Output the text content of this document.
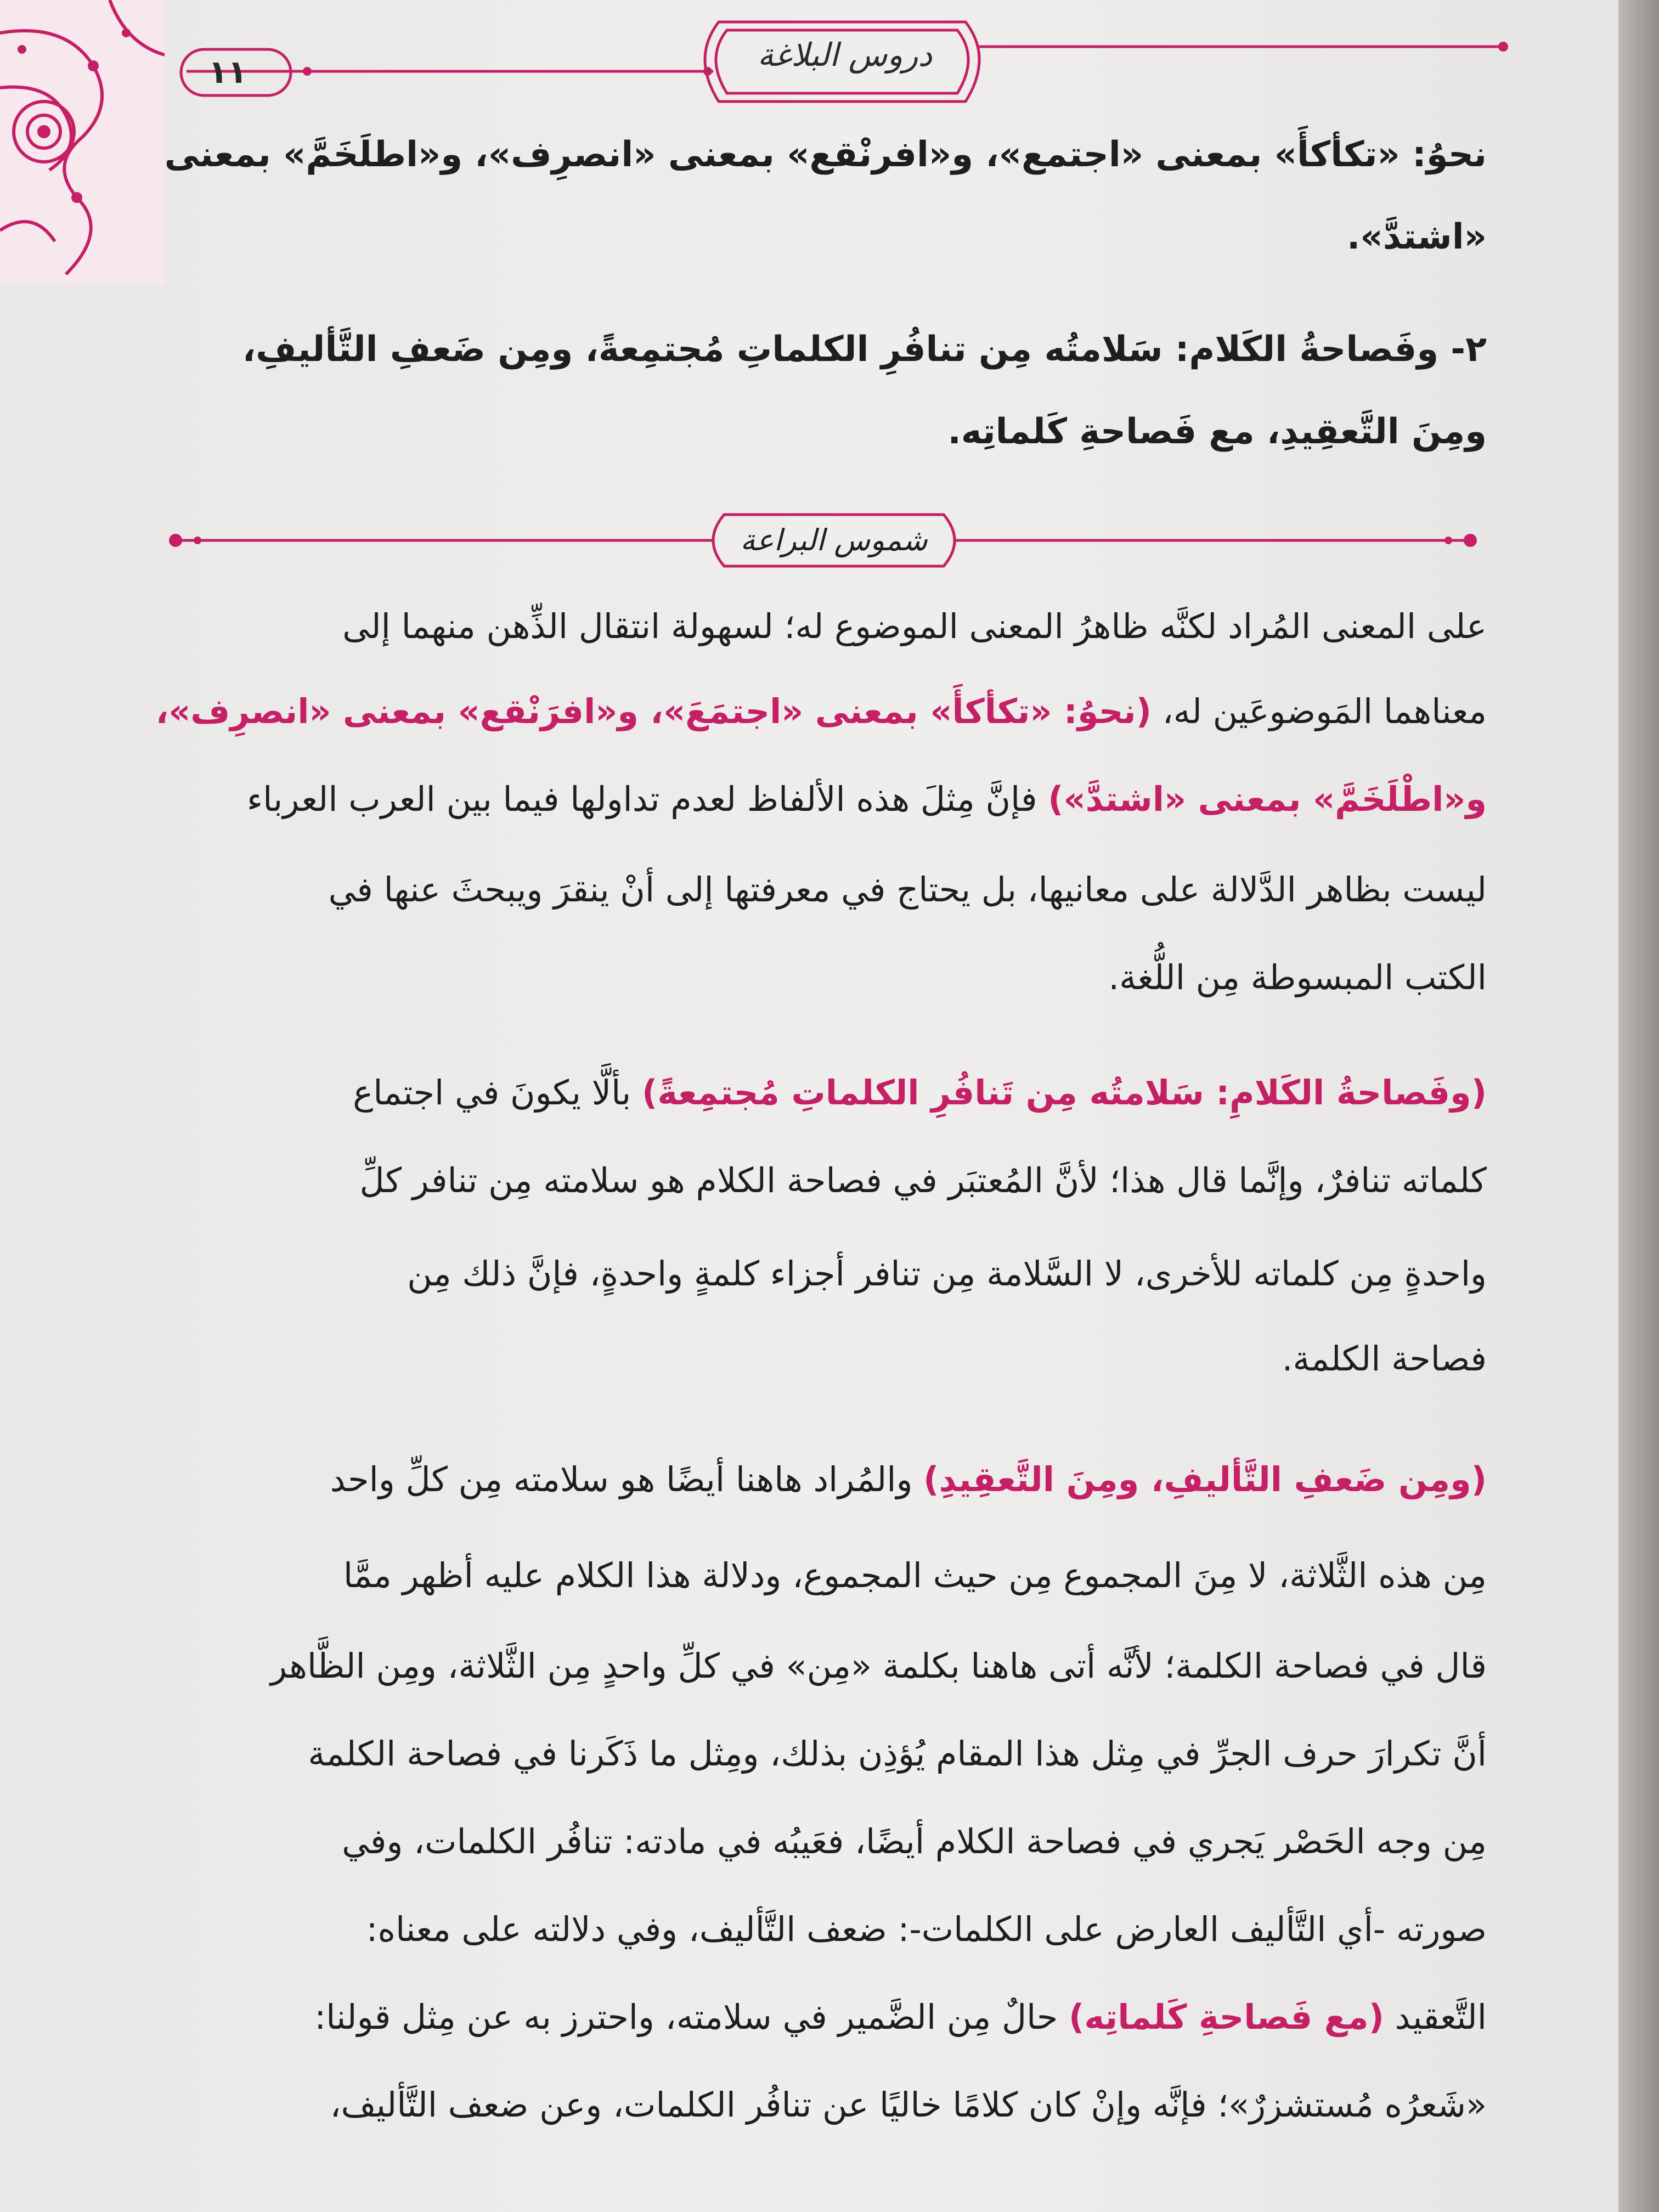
١١	دروس البلاغة
نحوُ: «تكأكأَ» بمعنى «اجتمع»، و«افرنْقع» بمعنى «انصرِف»، و«اطلَخَمَّ» بمعنى
«اشتدَّ».
٢- وفَصاحةُ الكَلام: سَلامتُه مِن تنافُرِ الكلماتِ مُجتمِعةً، ومِن ضَعفِ التَّأليفِ،
ومِنَ التَّعقِيدِ، مع فَصاحةِ كَلماتِه.
شموس البراعة
على المعنى المُراد لكنَّه ظاهرُ المعنى الموضوع له؛ لسهولة انتقال الذِّهن منهما إلى
معناهما المَوضوعَين له، (نحوُ: «تكأكأَ» بمعنى «اجتمَعَ»، و«افرَنْقع» بمعنى «انصرِف»،
و«اطْلَخَمَّ» بمعنى «اشتدَّ») فإنَّ مِثلَ هذه الألفاظ لعدم تداولها فيما بين العرب العرباء
ليست بظاهر الدَّلالة على معانيها، بل يحتاج في معرفتها إلى أنْ ينقرَ ويبحثَ عنها في
الكتب المبسوطة مِن اللُّغة.
(وفَصاحةُ الكَلامِ: سَلامتُه مِن تَنافُرِ الكلماتِ مُجتمِعةً) بألَّا يكونَ في اجتماع
كلماته تنافرٌ، وإنَّما قال هذا؛ لأنَّ المُعتبَر في فصاحة الكلام هو سلامته مِن تنافر كلِّ
واحدةٍ مِن كلماته للأخرى، لا السَّلامة مِن تنافر أجزاء كلمةٍ واحدةٍ، فإنَّ ذلك مِن
فصاحة الكلمة.
(ومِن ضَعفِ التَّأليفِ، ومِنَ التَّعقِيدِ) والمُراد هاهنا أيضًا هو سلامته مِن كلِّ واحد
مِن هذه الثَّلاثة، لا مِنَ المجموع مِن حيث المجموع، ودلالة هذا الكلام عليه أظهر ممَّا
قال في فصاحة الكلمة؛ لأنَّه أتى هاهنا بكلمة «مِن» في كلِّ واحدٍ مِن الثَّلاثة، ومِن الظَّاهر
أنَّ تكرارَ حرف الجرِّ في مِثل هذا المقام يُؤذِن بذلك، ومِثل ما ذَكَرنا في فصاحة الكلمة
مِن وجه الحَصْر يَجري في فصاحة الكلام أيضًا، فعَيبُه في مادته: تنافُر الكلمات، وفي
صورته -أي التَّأليف العارض على الكلمات-: ضعف التَّأليف، وفي دلالته على معناه:
التَّعقيد (مع فَصاحةِ كَلماتِه) حالٌ مِن الضَّمير في سلامته، واحترز به عن مِثل قولنا:
«شَعرُه مُستشزرٌ»؛ فإنَّه وإنْ كان كلامًا خاليًا عن تنافُر الكلمات، وعن ضعف التَّأليف،
